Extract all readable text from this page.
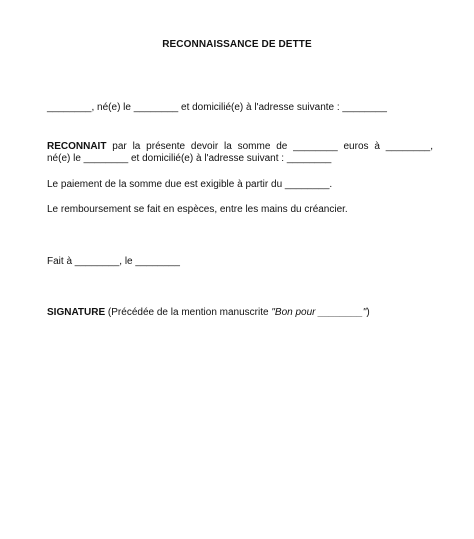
RECONNAISSANCE DE DETTE
________, né(e) le ________ et domicilié(e) à l'adresse suivante : ________
RECONNAIT par la présente devoir la somme de ________ euros à ________,
né(e) le ________ et domicilié(e) à l'adresse suivant : ________
Le paiement de la somme due est exigible à partir du ________.
Le remboursement se fait en espèces, entre les mains du créancier.
Fait à ________, le ________
SIGNATURE (Précédée de la mention manuscrite "Bon pour ________")
